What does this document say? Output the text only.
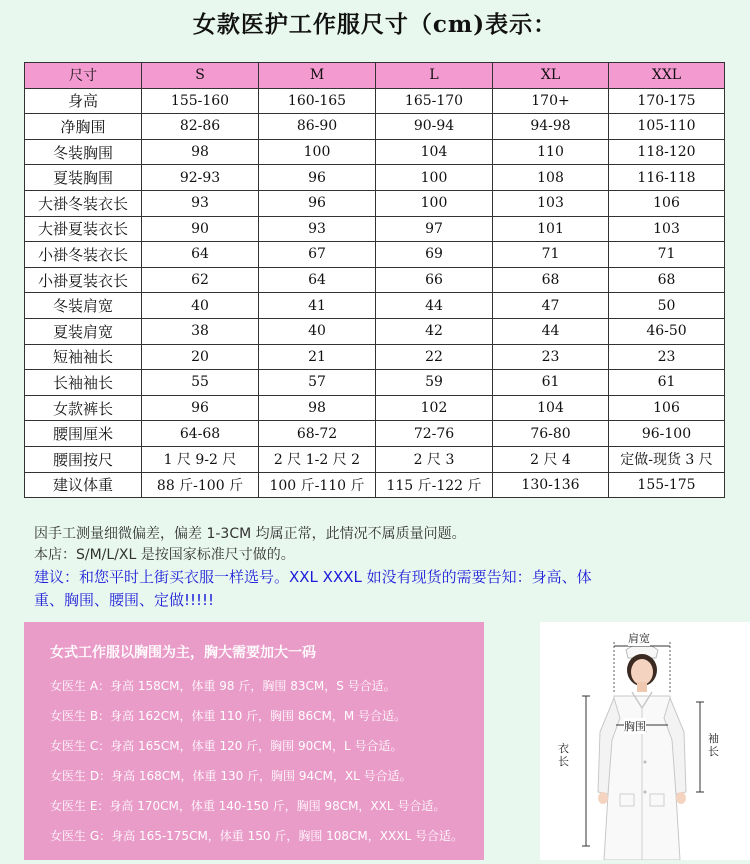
女款医护工作服尺寸（cm)表示：
尺寸	S	M	L	XL	XXL
身高	155-160	160-165	165-170	170+	170-175
净胸围	82-86	86-90	90-94	94-98	105-110
冬装胸围	98	100	104	110	118-120
夏装胸围	92-93	96	100	108	116-118
大褂冬装衣长	93	96	100	103	106
大褂夏装衣长	90	93	97	101	103
小褂冬装衣长	64	67	69	71	71
小褂夏装衣长	62	64	66	68	68
冬装肩宽	40	41	44	47	50
夏装肩宽	38	40	42	44	46-50
短袖袖长	20	21	22	23	23
长袖袖长	55	57	59	61	61
女款裤长	96	98	102	104	106
腰围厘米	64-68	68-72	72-76	76-80	96-100
腰围按尺	1 尺 9-2 尺	2 尺 1-2 尺 2	2 尺 3	2 尺 4	定做-现货 3 尺
建议体重	88 斤-100 斤	100 斤-110 斤	115 斤-122 斤	130-136	155-175
因手工测量细微偏差，偏差 1-3CM 均属正常，此情况不属质量问题。
本店：S/M/L/XL 是按国家标准尺寸做的。
建议：和您平时上街买衣服一样选号。XXL XXXL 如没有现货的需要告知：身高、体
重、胸围、腰围、定做!!!!!
女式工作服以胸围为主，胸大需要加大一码
女医生 A：身高 158CM，体重 98 斤，胸围 83CM，S 号合适。
女医生 B：身高 162CM，体重 110 斤，胸围 86CM，M 号合适。
女医生 C：身高 165CM，体重 120 斤，胸围 90CM，L 号合适。
女医生 D：身高 168CM，体重 130 斤，胸围 94CM，XL 号合适。
女医生 E：身高 170CM，体重 140-150 斤，胸围 98CM，XXL 号合适。
女医生 G：身高 165-175CM，体重 150 斤，胸围 108CM，XXXL 号合适。
肩宽
胸围
衣长
袖长
